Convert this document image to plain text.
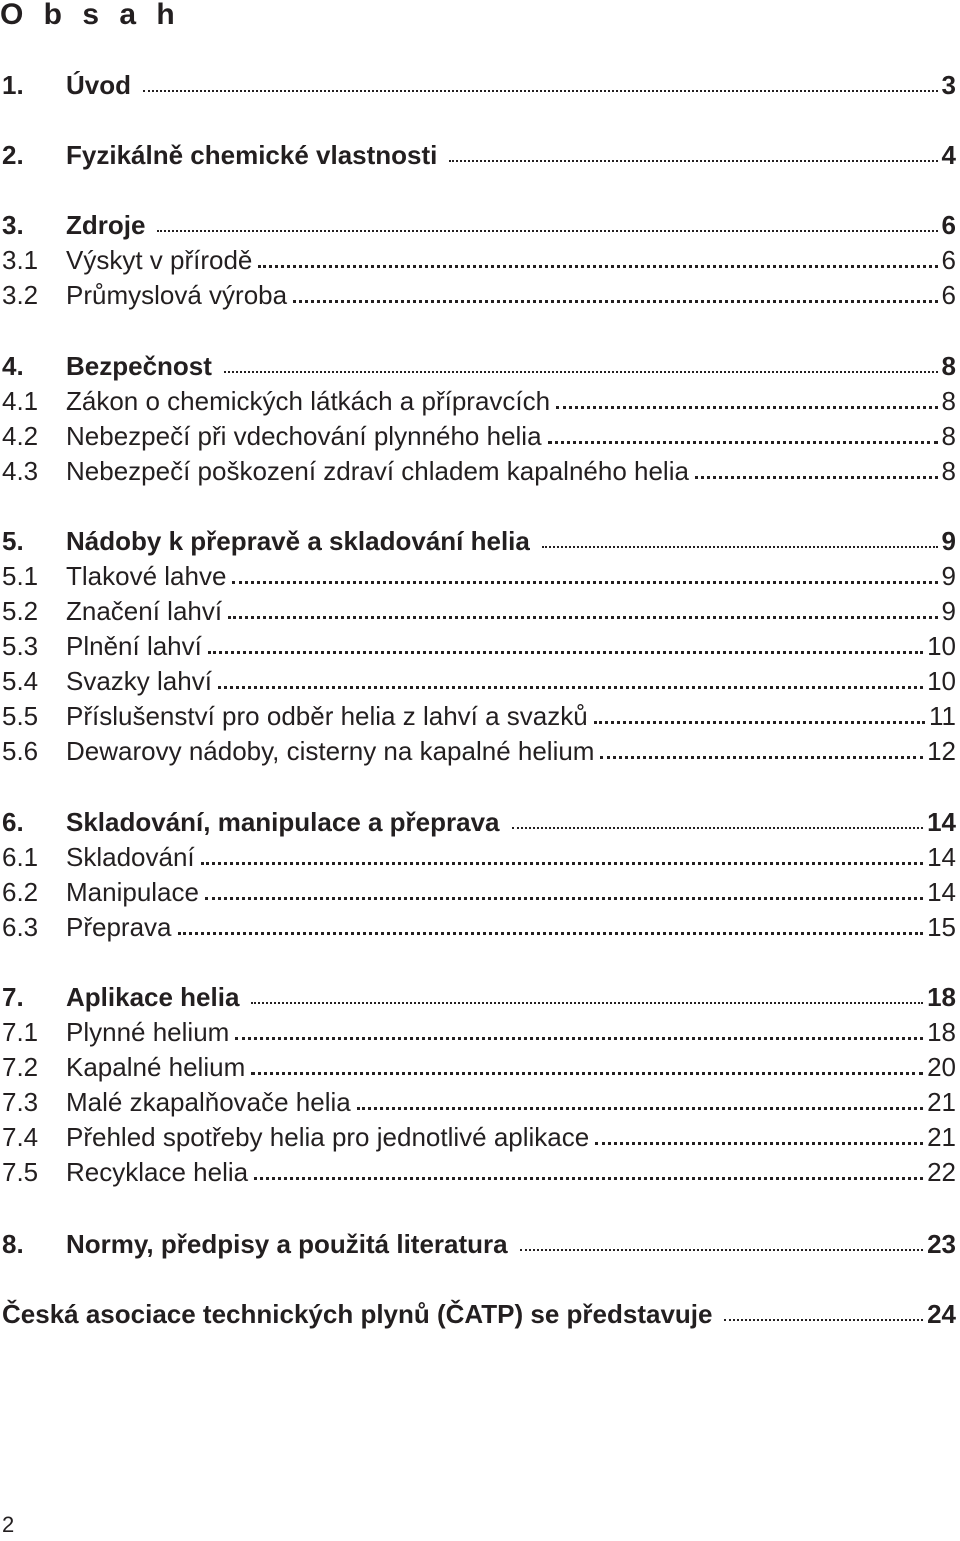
O b s a h
1.	Úvod	3
2.	Fyzikálně chemické vlastnosti	4
3.	Zdroje	6
3.1	Výskyt v přírodě	6
3.2	Průmyslová výroba	6
4.	Bezpečnost	8
4.1	Zákon o chemických látkách a přípravcích	8
4.2	Nebezpečí při vdechování plynného helia	8
4.3	Nebezpečí poškození zdraví chladem kapalného helia	8
5.	Nádoby k přepravě a skladování helia	9
5.1	Tlakové lahve	9
5.2	Značení lahví	9
5.3	Plnění lahví	10
5.4	Svazky lahví	10
5.5	Příslušenství pro odběr helia z lahví a svazků	11
5.6	Dewarovy nádoby, cisterny na kapalné helium	12
6.	Skladování, manipulace a přeprava	14
6.1	Skladování	14
6.2	Manipulace	14
6.3	Přeprava	15
7.	Aplikace helia	18
7.1	Plynné helium	18
7.2	Kapalné helium	20
7.3	Malé zkapalňovače helia	21
7.4	Přehled spotřeby helia pro jednotlivé aplikace	21
7.5	Recyklace helia	22
8.	Normy, předpisy a použitá literatura	23
Česká asociace technických plynů (ČATP) se představuje	24
2
